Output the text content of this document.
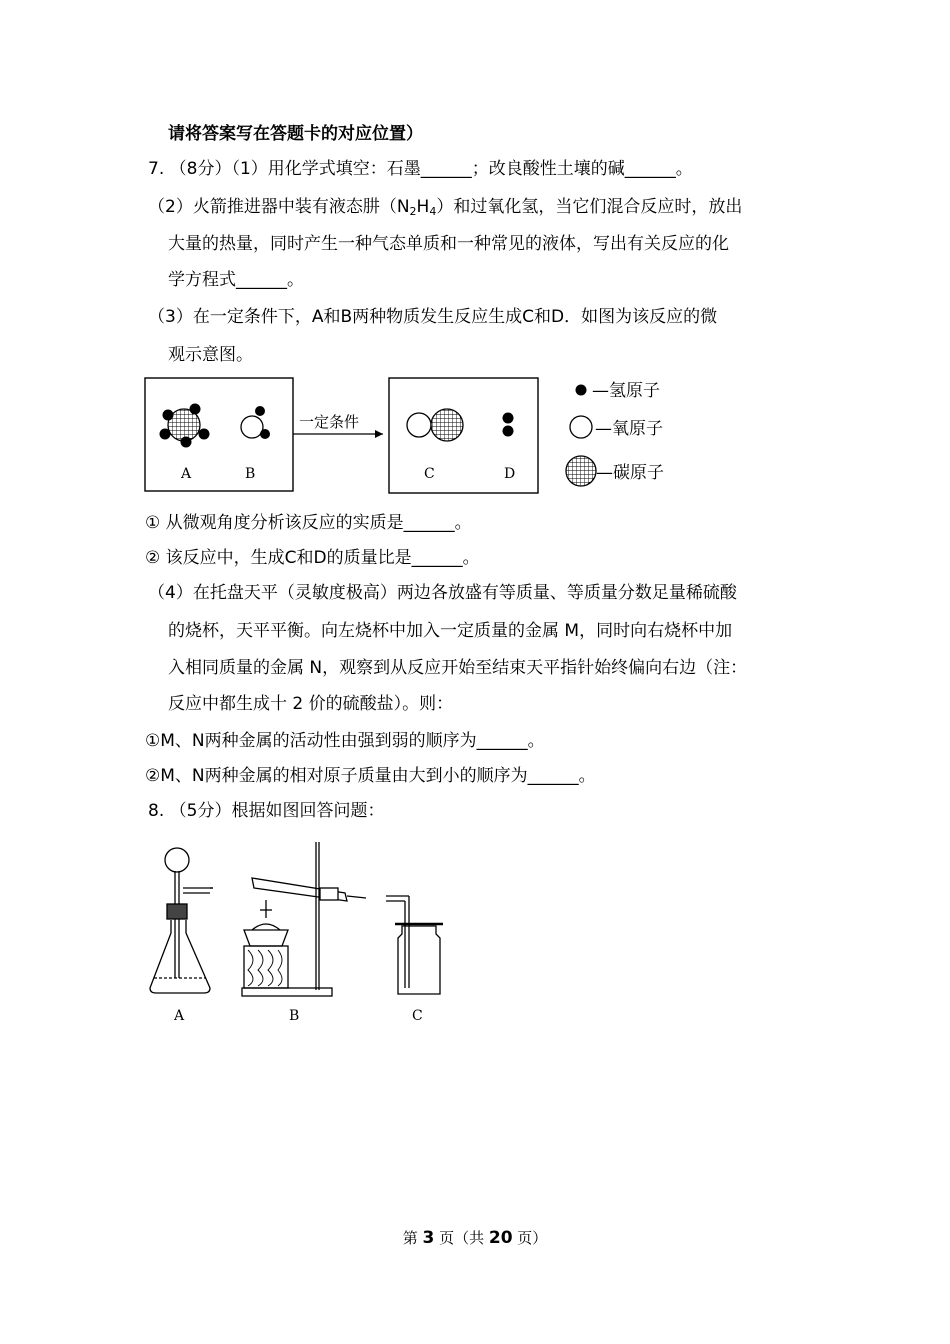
请将答案写在答题卡的对应位置）
7. （8分）（1）用化学式填空：石墨______；改良酸性土壤的碱______。
（2）火箭推进器中装有液态肼$(N_2H_4)$和过氧化氢，当它们混合反应时，放出
大量的热量，同时产生一种气态单质和一种常见的液体，写出有关反应的化
学方程式______。
（3）在一定条件下，A和B两种物质发生反应生成C和D．如图为该反应的微
观示意图。
A	B
一定条件
C	D
—氢原子
—氧原子
—碳原子
① 从微观角度分析该反应的实质是______。
② 该反应中，生成C和D的质量比是______。
（4）在托盘天平（灵敏度极高）两边各放盛有等质量、等质量分数足量稀硫酸
的烧杯，天平平衡。向左烧杯中加入一定质量的金属 M，同时向右烧杯中加
入相同质量的金属 N，观察到从反应开始至结束天平指针始终偏向右边（注：
反应中都生成十 2 价的硫酸盐）。则：
①M、N两种金属的活动性由强到弱的顺序为______。
②M、N两种金属的相对原子质量由大到小的顺序为______。
8. （5分）根据如图回答问题：
A	B	C
第 3 页（共 20 页）
